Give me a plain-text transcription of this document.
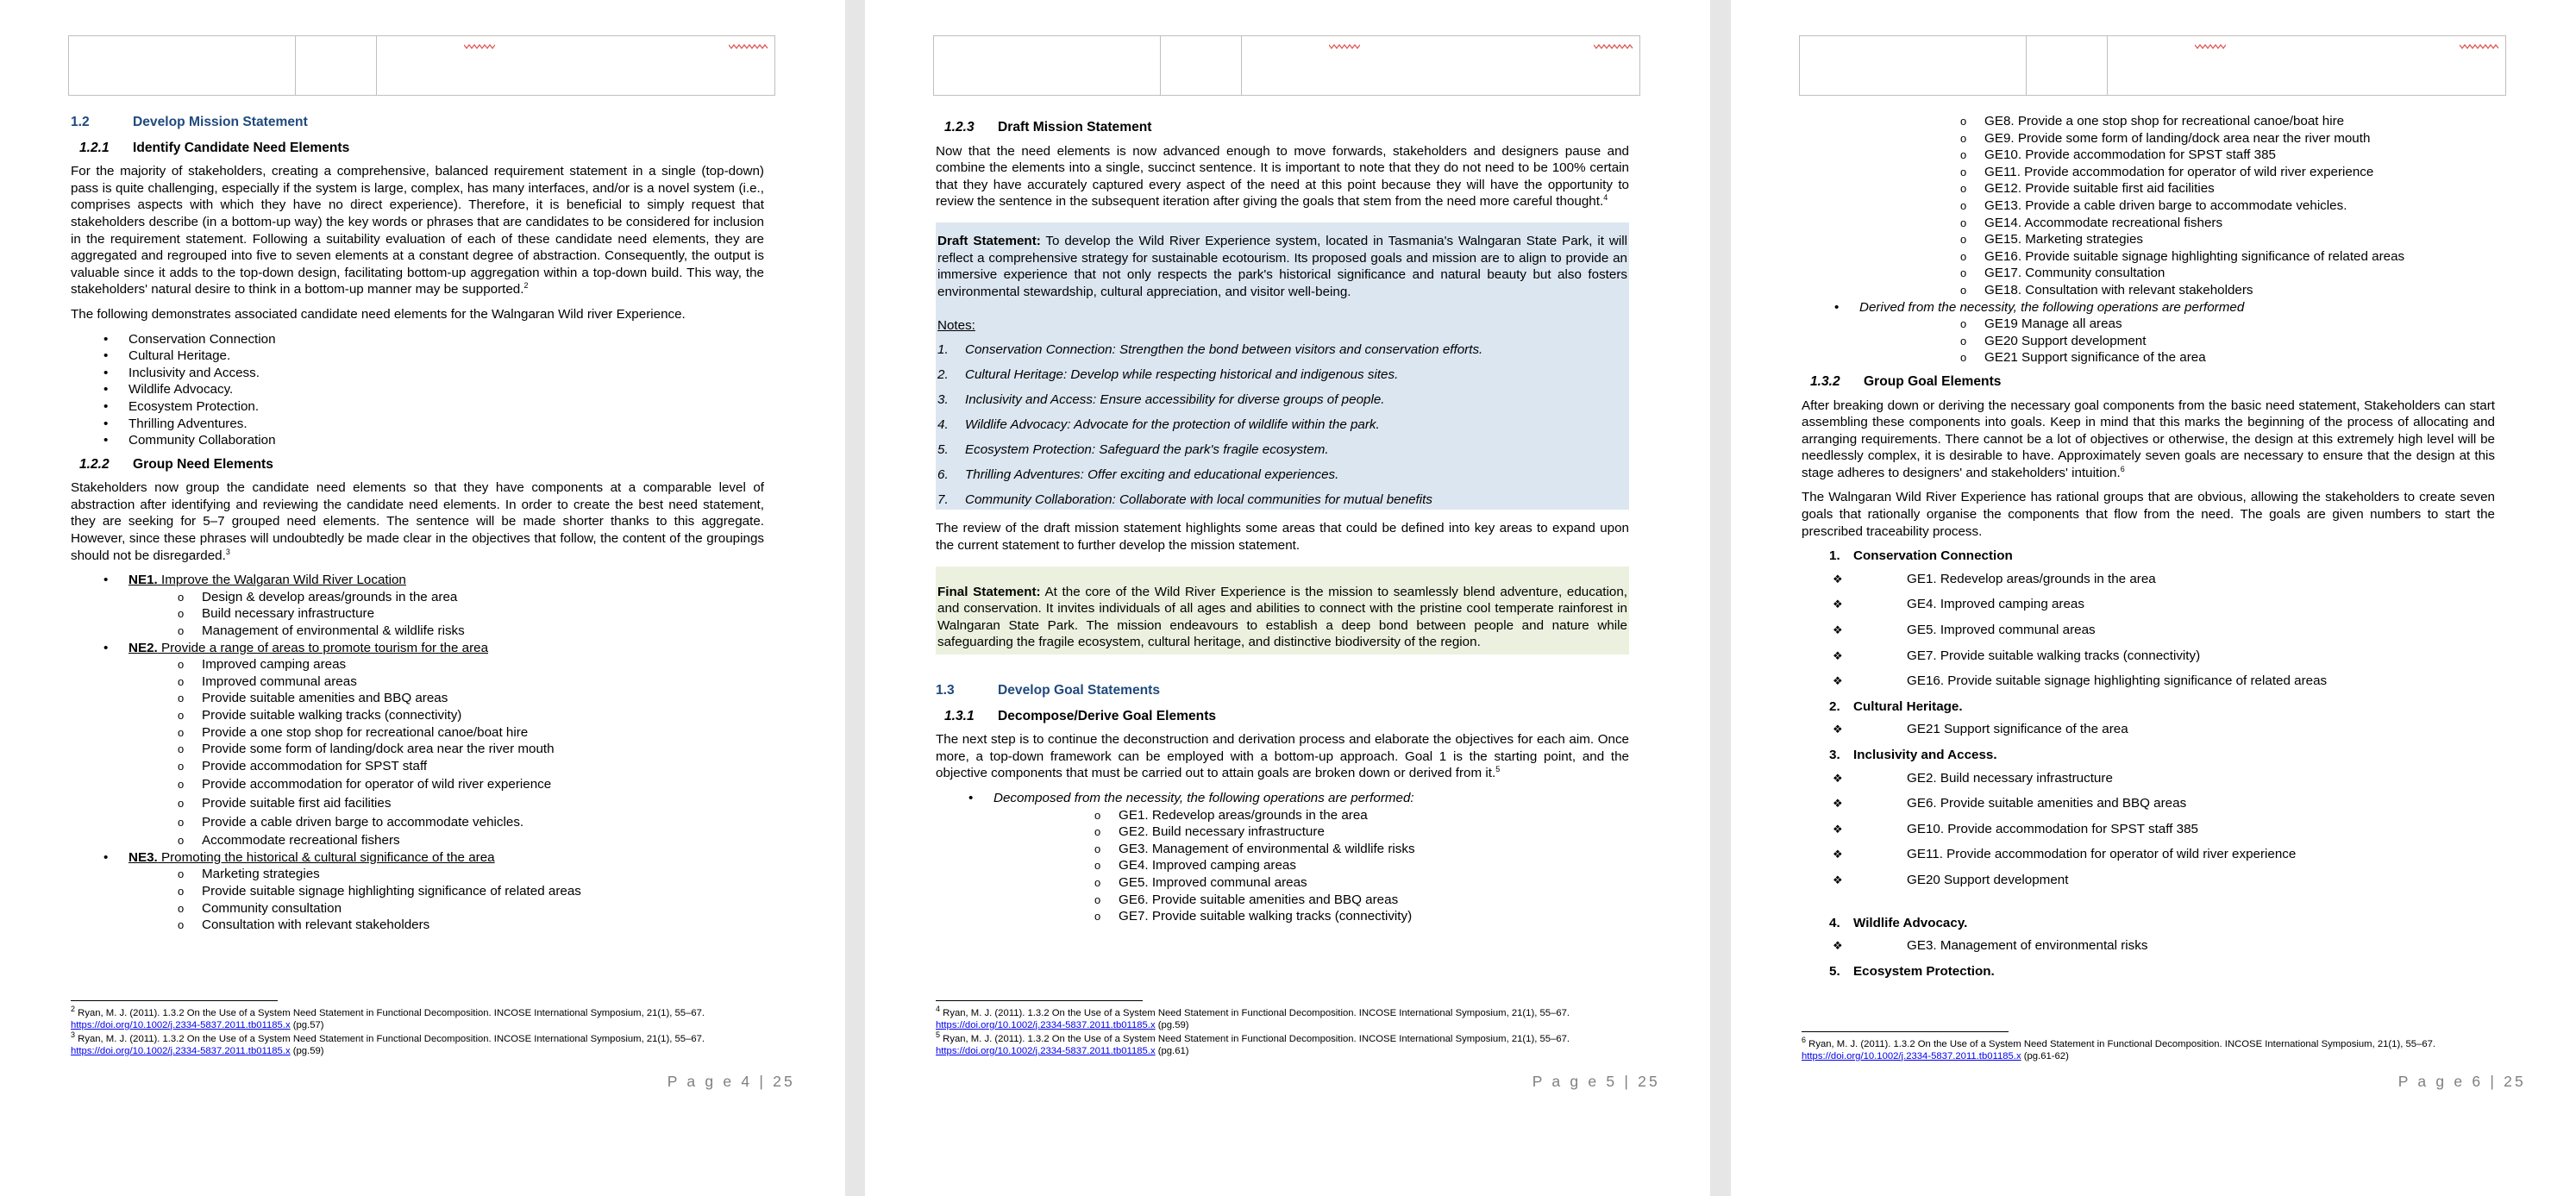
1.2	Develop Mission Statement
1.2.1	Identify Candidate Need Elements

For the majority of stakeholders, creating a comprehensive, balanced requirement statement in a single (top-down) pass is quite challenging, especially if the system is large, complex, has many interfaces, and/or is a novel system (i.e., comprises aspects with which they have no direct experience). Therefore, it is beneficial to simply request that stakeholders describe (in a bottom-up way) the key words or phrases that are candidates to be considered for inclusion in the requirement statement. Following a suitability evaluation of each of these candidate need elements, they are aggregated and regrouped into five to seven elements at a constant degree of abstraction. Consequently, the output is valuable since it adds to the top-down design, facilitating bottom-up aggregation within a top-down build. This way, the stakeholders' natural desire to think in a bottom-up manner may be supported.$^2$

The following demonstrates associated candidate need elements for the Walngaran Wild river Experience.

• Conservation Connection
• Cultural Heritage.
• Inclusivity and Access.
• Wildlife Advocacy.
• Ecosystem Protection.
• Thrilling Adventures.
• Community Collaboration
1.2.2	Group Need Elements

Stakeholders now group the candidate need elements so that they have components at a comparable level of abstraction after identifying and reviewing the candidate need elements. In order to create the best need statement, they are seeking for 5–7 grouped need elements. The sentence will be made shorter thanks to this aggregate. However, since these phrases will undoubtedly be made clear in the objectives that follow, the content of the groupings should not be disregarded.$^3$

• NE1. Improve the Walgaran Wild River Location
o Design & develop areas/grounds in the area
o Build necessary infrastructure
o Management of environmental & wildlife risks
• NE2. Provide a range of areas to promote tourism for the area
o Improved camping areas
o Improved communal areas
o Provide suitable amenities and BBQ areas
o Provide suitable walking tracks (connectivity)
o Provide a one stop shop for recreational canoe/boat hire
o Provide some form of landing/dock area near the river mouth
o Provide accommodation for SPST staff
o Provide accommodation for operator of wild river experience
o Provide suitable first aid facilities
o Provide a cable driven barge to accommodate vehicles.
o Accommodate recreational fishers
• NE3. Promoting the historical & cultural significance of the area
o Marketing strategies
o Provide suitable signage highlighting significance of related areas
o Community consultation
o Consultation with relevant stakeholders
$^2$ Ryan, M. J. (2011). 1.3.2 On the Use of a System Need Statement in Functional Decomposition. INCOSE International Symposium, 21(1), 55–67. https://doi.org/10.1002/j.2334-5837.2011.tb01185.x (pg.57)
$^3$ Ryan, M. J. (2011). 1.3.2 On the Use of a System Need Statement in Functional Decomposition. INCOSE International Symposium, 21(1), 55–67. https://doi.org/10.1002/j.2334-5837.2011.tb01185.x (pg.59)
P a g e 4 | 25
1.2.3	Draft Mission Statement

Now that the need elements is now advanced enough to move forwards, stakeholders and designers pause and combine the elements into a single, succinct sentence. It is important to note that they do not need to be 100% certain that they have accurately captured every aspect of the need at this point because they will have the opportunity to review the sentence in the subsequent iteration after giving the goals that stem from the need more careful thought.$^4$

Draft Statement: To develop the Wild River Experience system, located in Tasmania's Walngaran State Park, it will reflect a comprehensive strategy for sustainable ecotourism. Its proposed goals and mission are to align to provide an immersive experience that not only respects the park's historical significance and natural beauty but also fosters environmental stewardship, cultural appreciation, and visitor well-being.

Notes:
1. Conservation Connection: Strengthen the bond between visitors and conservation efforts.
2. Cultural Heritage: Develop while respecting historical and indigenous sites.
3. Inclusivity and Access: Ensure accessibility for diverse groups of people.
4. Wildlife Advocacy: Advocate for the protection of wildlife within the park.
5. Ecosystem Protection: Safeguard the park's fragile ecosystem.
6. Thrilling Adventures: Offer exciting and educational experiences.
7. Community Collaboration: Collaborate with local communities for mutual benefits

The review of the draft mission statement highlights some areas that could be defined into key areas to expand upon the current statement to further develop the mission statement.

Final Statement: At the core of the Wild River Experience is the mission to seamlessly blend adventure, education, and conservation. It invites individuals of all ages and abilities to connect with the pristine cool temperate rainforest in Walngaran State Park. The mission endeavours to establish a deep bond between people and nature while safeguarding the fragile ecosystem, cultural heritage, and distinctive biodiversity of the region.

1.3	Develop Goal Statements
1.3.1	Decompose/Derive Goal Elements

The next step is to continue the deconstruction and derivation process and elaborate the objectives for each aim. Once more, a top-down framework can be employed with a bottom-up approach. Goal 1 is the starting point, and the objective components that must be carried out to attain goals are broken down or derived from it.$^5$

• Decomposed from the necessity, the following operations are performed:
o GE1. Redevelop areas/grounds in the area
o GE2. Build necessary infrastructure
o GE3. Management of environmental & wildlife risks
o GE4. Improved camping areas
o GE5. Improved communal areas
o GE6. Provide suitable amenities and BBQ areas
o GE7. Provide suitable walking tracks (connectivity)
$^4$ Ryan, M. J. (2011). 1.3.2 On the Use of a System Need Statement in Functional Decomposition. INCOSE International Symposium, 21(1), 55–67. https://doi.org/10.1002/j.2334-5837.2011.tb01185.x (pg.59)
$^5$ Ryan, M. J. (2011). 1.3.2 On the Use of a System Need Statement in Functional Decomposition. INCOSE International Symposium, 21(1), 55–67. https://doi.org/10.1002/j.2334-5837.2011.tb01185.x (pg.61)
P a g e 5 | 25
o GE8. Provide a one stop shop for recreational canoe/boat hire
o GE9. Provide some form of landing/dock area near the river mouth
o GE10. Provide accommodation for SPST staff 385
o GE11. Provide accommodation for operator of wild river experience
o GE12. Provide suitable first aid facilities
o GE13. Provide a cable driven barge to accommodate vehicles.
o GE14. Accommodate recreational fishers
o GE15. Marketing strategies
o GE16. Provide suitable signage highlighting significance of related areas
o GE17. Community consultation
o GE18. Consultation with relevant stakeholders
• Derived from the necessity, the following operations are performed
o GE19 Manage all areas
o GE20 Support development
o GE21 Support significance of the area
1.3.2	Group Goal Elements

After breaking down or deriving the necessary goal components from the basic need statement, Stakeholders can start assembling these components into goals. Keep in mind that this marks the beginning of the process of allocating and arranging requirements. There cannot be a lot of objectives or otherwise, the design at this extremely high level will be needlessly complex, it is desirable to have. Approximately seven goals are necessary to ensure that the design at this stage adheres to designers' and stakeholders' intuition.$^6$

The Walngaran Wild River Experience has rational groups that are obvious, allowing the stakeholders to create seven goals that rationally organise the components that flow from the need. The goals are given numbers to start the prescribed traceability process.

1. Conservation Connection
❖ GE1. Redevelop areas/grounds in the area
❖ GE4. Improved camping areas
❖ GE5. Improved communal areas
❖ GE7. Provide suitable walking tracks (connectivity)
❖ GE16. Provide suitable signage highlighting significance of related areas
2. Cultural Heritage.
❖ GE21 Support significance of the area
3. Inclusivity and Access.
❖ GE2. Build necessary infrastructure
❖ GE6. Provide suitable amenities and BBQ areas
❖ GE10. Provide accommodation for SPST staff 385
❖ GE11. Provide accommodation for operator of wild river experience
❖ GE20 Support development
4. Wildlife Advocacy.
❖ GE3. Management of environmental risks
5. Ecosystem Protection.
$^6$ Ryan, M. J. (2011). 1.3.2 On the Use of a System Need Statement in Functional Decomposition. INCOSE International Symposium, 21(1), 55–67. https://doi.org/10.1002/j.2334-5837.2011.tb01185.x (pg.61-62)
P a g e 6 | 25
